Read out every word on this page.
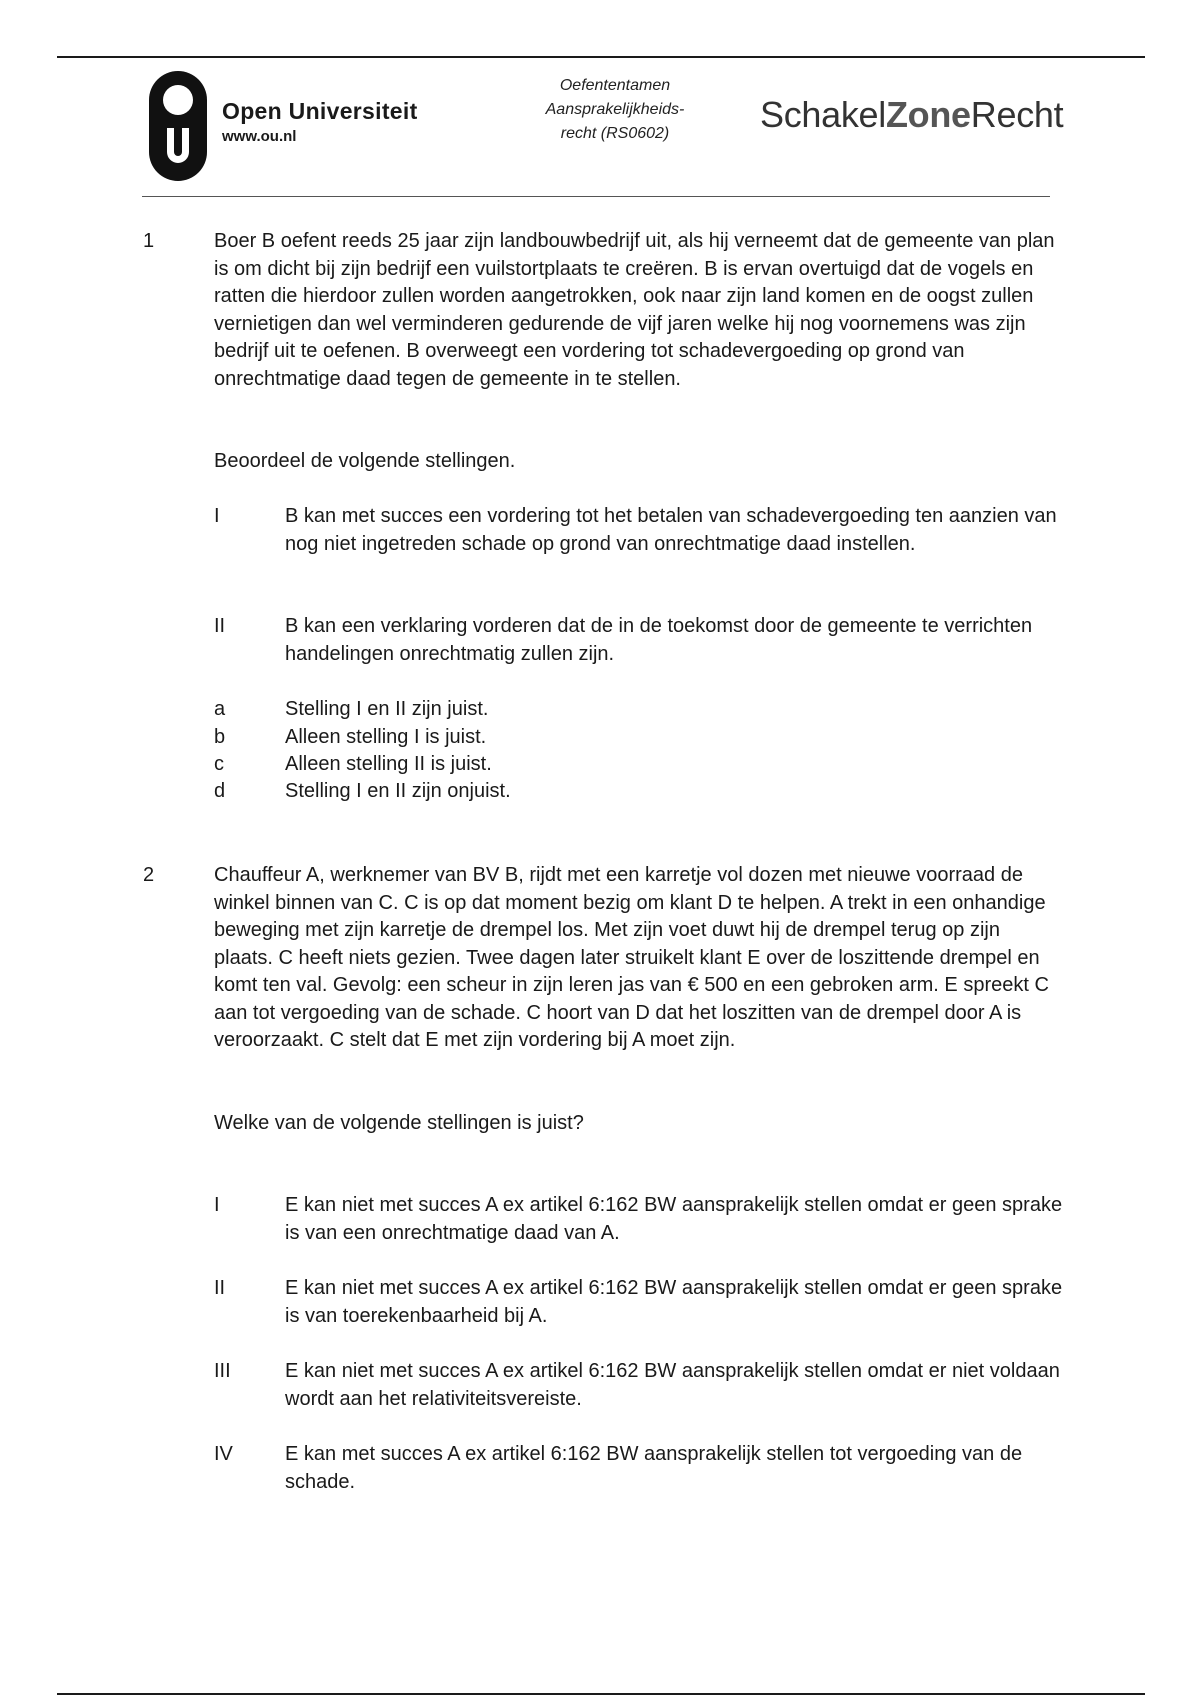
Open Universiteit
www.ou.nl
Oefententamen
Aansprakelijkheids-
recht (RS0602)	SchakelZoneRecht
1	Boer B oefent reeds 25 jaar zijn landbouwbedrijf uit, als hij verneemt dat de gemeente van plan is om dicht bij zijn bedrijf een vuilstortplaats te creëren. B is ervan overtuigd dat de vogels en ratten die hierdoor zullen worden aangetrokken, ook naar zijn land komen en de oogst zullen vernietigen dan wel verminderen gedurende de vijf jaren welke hij nog voornemens was zijn bedrijf uit te oefenen. B overweegt een vordering tot schadevergoeding op grond van onrechtmatige daad tegen de gemeente in te stellen.

Beoordeel de volgende stellingen.
I	B kan met succes een vordering tot het betalen van schadevergoeding ten aanzien van nog niet ingetreden schade op grond van onrechtmatige daad instellen.
II	B kan een verklaring vorderen dat de in de toekomst door de gemeente te verrichten handelingen onrechtmatig zullen zijn.
a	Stelling I en II zijn juist.
b	Alleen stelling I is juist.
c	Alleen stelling II is juist.
d	Stelling I en II zijn onjuist.
2	Chauffeur A, werknemer van BV B, rijdt met een karretje vol dozen met nieuwe voorraad de winkel binnen van C. C is op dat moment bezig om klant D te helpen. A trekt in een onhandige beweging met zijn karretje de drempel los. Met zijn voet duwt hij de drempel terug op zijn plaats. C heeft niets gezien. Twee dagen later struikelt klant E over de loszittende drempel en komt ten val. Gevolg: een scheur in zijn leren jas van € 500 en een gebroken arm. E spreekt C aan tot vergoeding van de schade. C hoort van D dat het loszitten van de drempel door A is veroorzaakt. C stelt dat E met zijn vordering bij A moet zijn.

Welke van de volgende stellingen is juist?
I	E kan niet met succes A ex artikel 6:162 BW aansprakelijk stellen omdat er geen sprake is van een onrechtmatige daad van A.
II	E kan niet met succes A ex artikel 6:162 BW aansprakelijk stellen omdat er geen sprake is van toerekenbaarheid bij A.
III	E kan niet met succes A ex artikel 6:162 BW aansprakelijk stellen omdat er niet voldaan wordt aan het relativiteitsvereiste.
IV	E kan met succes A ex artikel 6:162 BW aansprakelijk stellen tot vergoeding van de schade.
